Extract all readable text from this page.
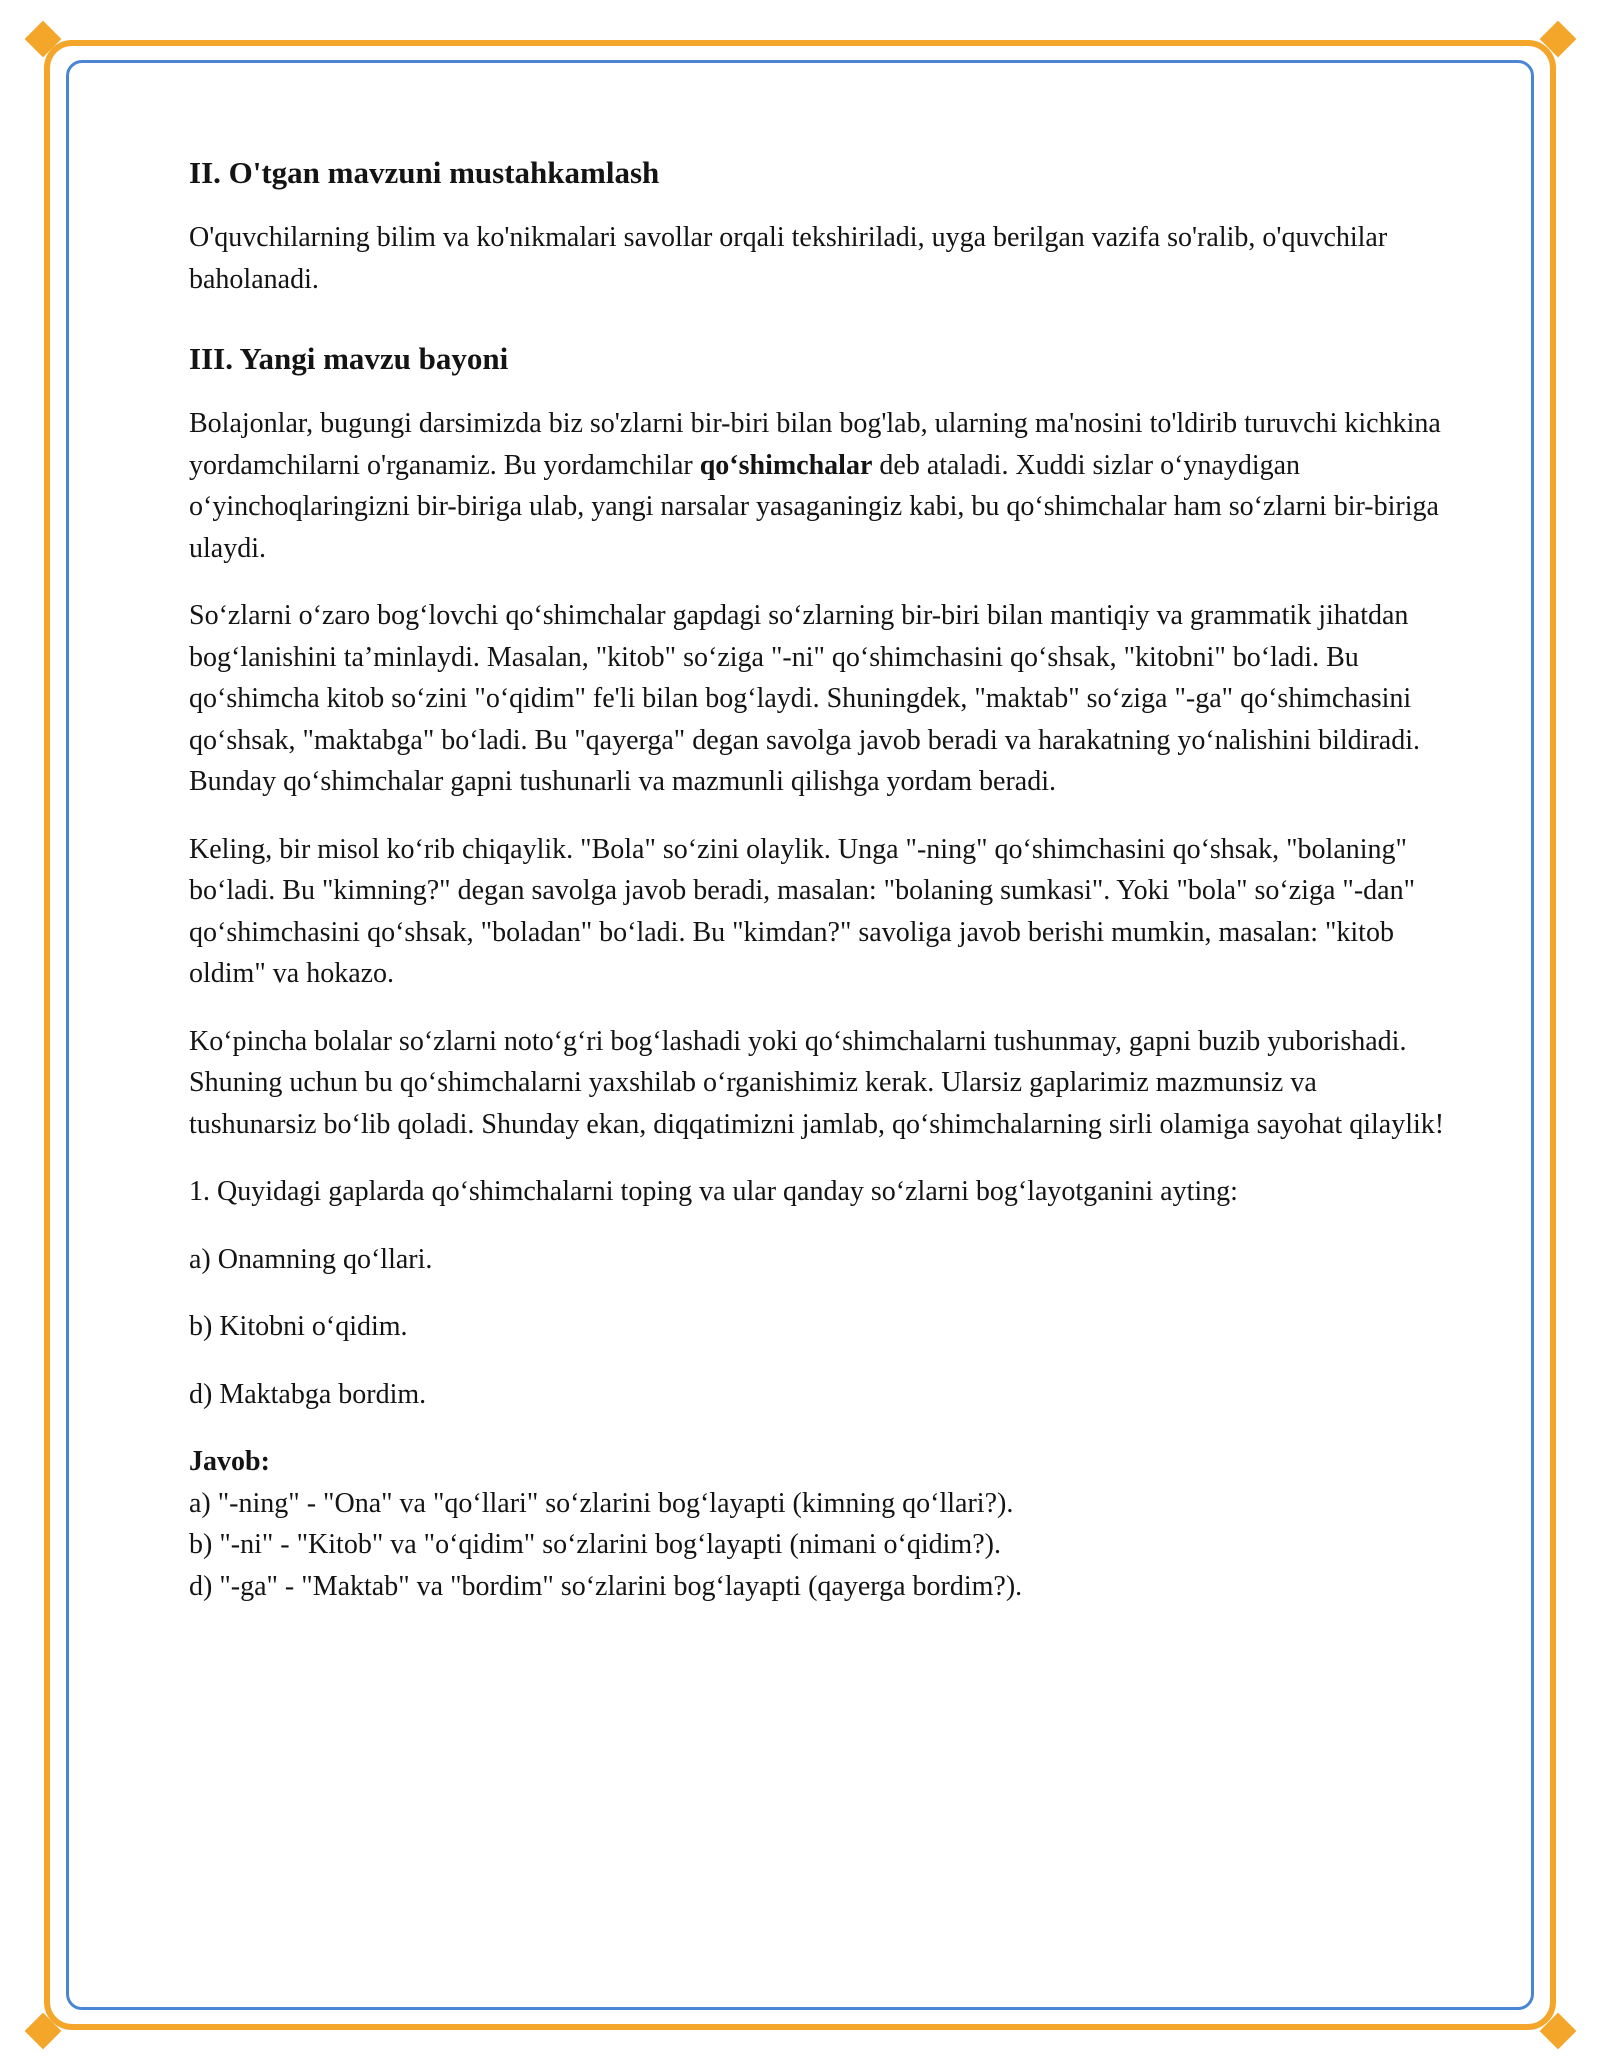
II. O'tgan mavzuni mustahkamlash

O'quvchilarning bilim va ko'nikmalari savollar orqali tekshiriladi, uyga berilgan vazifa so'ralib, o'quvchilar baholanadi.

III. Yangi mavzu bayoni

Bolajonlar, bugungi darsimizda biz so'zlarni bir-biri bilan bog'lab, ularning ma'nosini to'ldirib turuvchi kichkina yordamchilarni o'rganamiz. Bu yordamchilar qo‘shimchalar deb ataladi. Xuddi sizlar o‘ynaydigan o‘yinchoqlaringizni bir-biriga ulab, yangi narsalar yasaganingiz kabi, bu qo‘shimchalar ham so‘zlarni bir-biriga ulaydi.

So‘zlarni o‘zaro bog‘lovchi qo‘shimchalar gapdagi so‘zlarning bir-biri bilan mantiqiy va grammatik jihatdan bog‘lanishini ta’minlaydi. Masalan, "kitob" so‘ziga "-ni" qo‘shimchasini qo‘shsak, "kitobni" bo‘ladi. Bu qo‘shimcha kitob so‘zini "o‘qidim" fe'li bilan bog‘laydi. Shuningdek, "maktab" so‘ziga "-ga" qo‘shimchasini qo‘shsak, "maktabga" bo‘ladi. Bu "qayerga" degan savolga javob beradi va harakatning yo‘nalishini bildiradi. Bunday qo‘shimchalar gapni tushunarli va mazmunli qilishga yordam beradi.

Keling, bir misol ko‘rib chiqaylik. "Bola" so‘zini olaylik. Unga "-ning" qo‘shimchasini qo‘shsak, "bolaning" bo‘ladi. Bu "kimning?" degan savolga javob beradi, masalan: "bolaning sumkasi". Yoki "bola" so‘ziga "-dan" qo‘shimchasini qo‘shsak, "boladan" bo‘ladi. Bu "kimdan?" savoliga javob berishi mumkin, masalan: "kitob oldim" va hokazo.

Ko‘pincha bolalar so‘zlarni noto‘g‘ri bog‘lashadi yoki qo‘shimchalarni tushunmay, gapni buzib yuborishadi. Shuning uchun bu qo‘shimchalarni yaxshilab o‘rganishimiz kerak. Ularsiz gaplarimiz mazmunsiz va tushunarsiz bo‘lib qoladi. Shunday ekan, diqqatimizni jamlab, qo‘shimchalarning sirli olamiga sayohat qilaylik!

1. Quyidagi gaplarda qo‘shimchalarni toping va ular qanday so‘zlarni bog‘layotganini ayting:

a) Onamning qo‘llari.

b) Kitobni o‘qidim.

d) Maktabga bordim.

Javob:
a) "-ning" - "Ona" va "qo‘llari" so‘zlarini bog‘layapti (kimning qo‘llari?).
b) "-ni" - "Kitob" va "o‘qidim" so‘zlarini bog‘layapti (nimani o‘qidim?).
d) "-ga" - "Maktab" va "bordim" so‘zlarini bog‘layapti (qayerga bordim?).
